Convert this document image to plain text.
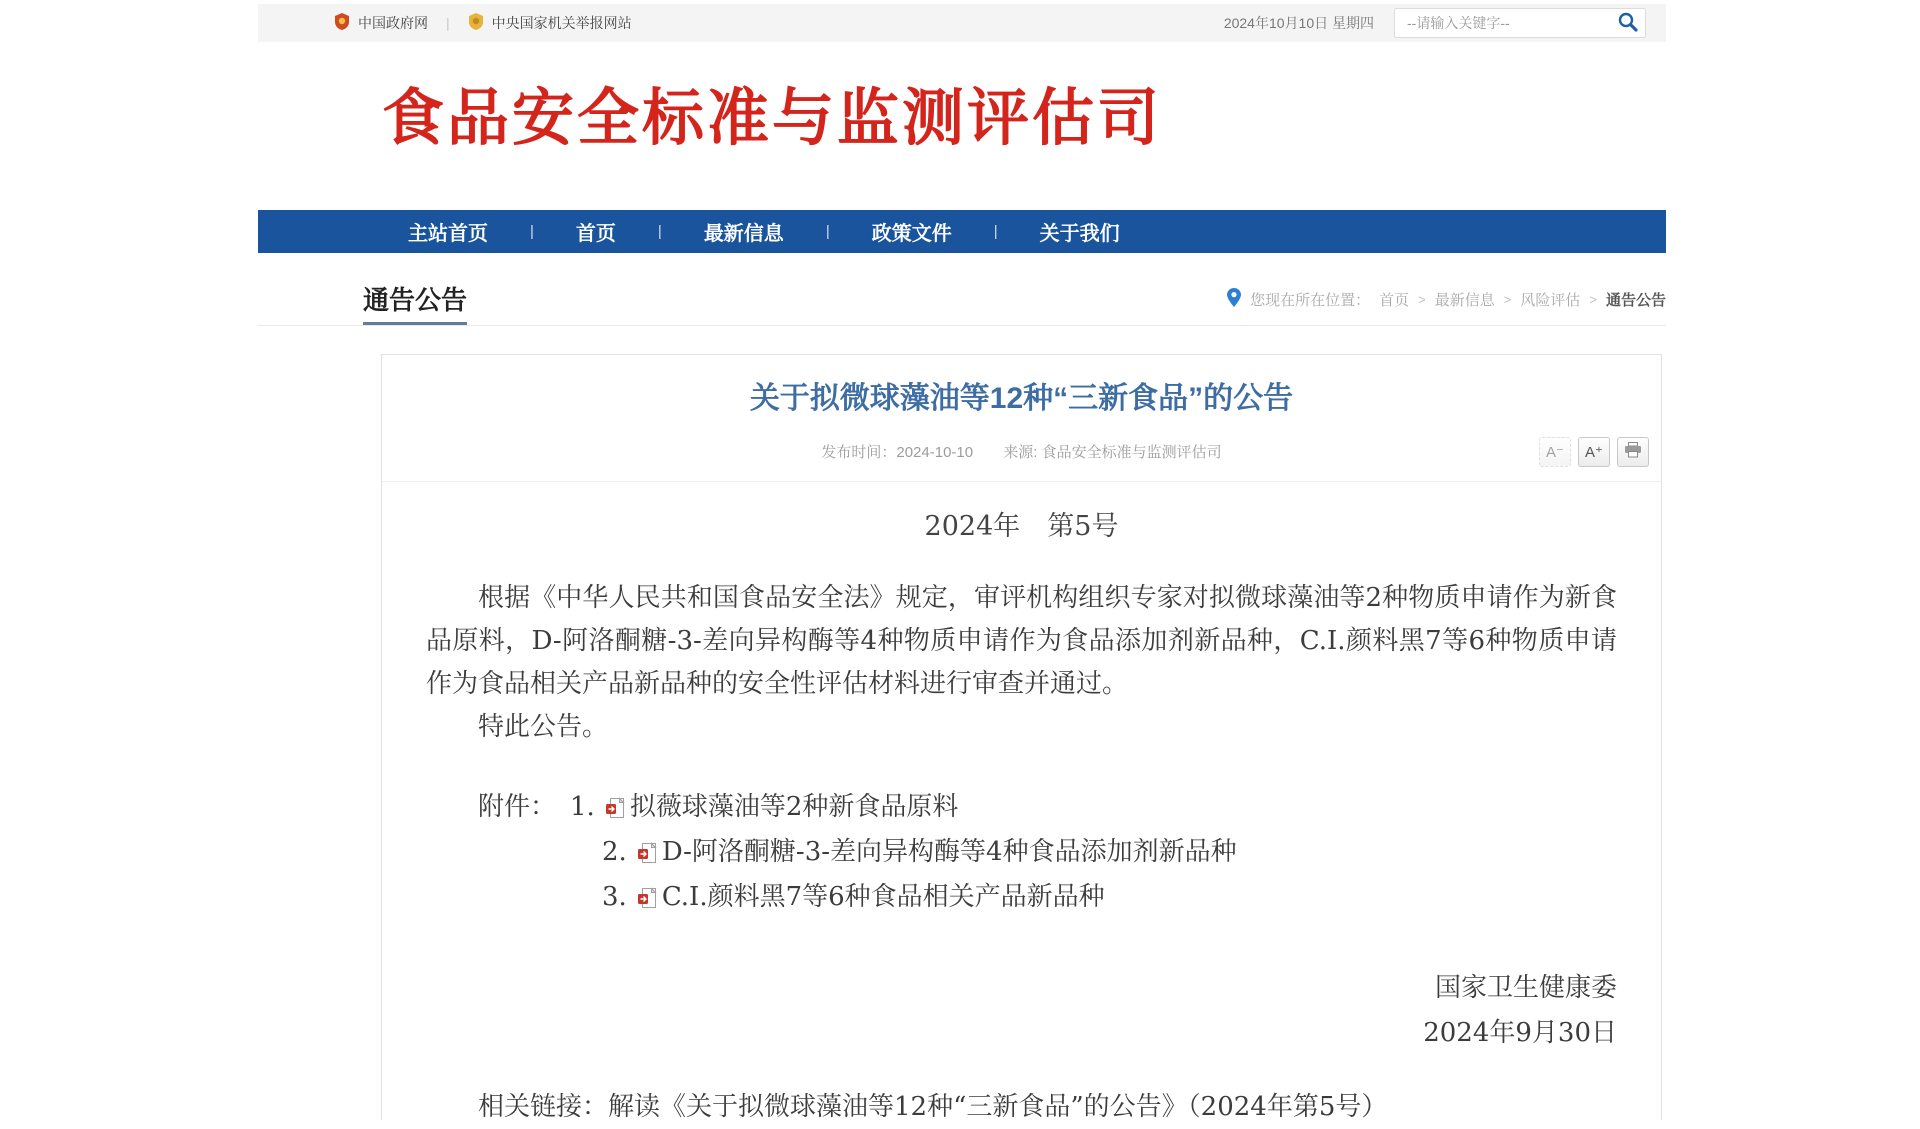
中国政府网 |	中央国家机关举报网站	2024年10月10日 星期四
--请输入关键字--
食品安全标准与监测评估司
主站首页	| 首页	| 最新信息	| 政策文件	| 关于我们
通告公告	您现在所在位置： 首页 > 最新信息 > 风险评估 > 通告公告
关于拟微球藻油等12种“三新食品”的公告
发布时间：2024-10-10 来源: 食品安全标准与监测评估司	A⁻	A⁺
2024年　第5号

根据《中华人民共和国食品安全法》规定，审评机构组织专家对拟微球藻油等2种物质申请作为新食品原料，D-阿洛酮糖-3-差向异构酶等4种物质申请作为食品添加剂新品种，C.I.颜料黑7等6种物质申请作为食品相关产品新品种的安全性评估材料进行审查并通过。

特此公告。

附件： 1. 拟薇球藻油等2种新食品原料
2. D-阿洛酮糖-3-差向异构酶等4种食品添加剂新品种
3. C.I.颜料黑7等6种食品相关产品新品种
国家卫生健康委
2024年9月30日

相关链接：解读《关于拟微球藻油等12种“三新食品”的公告》（2024年第5号）
